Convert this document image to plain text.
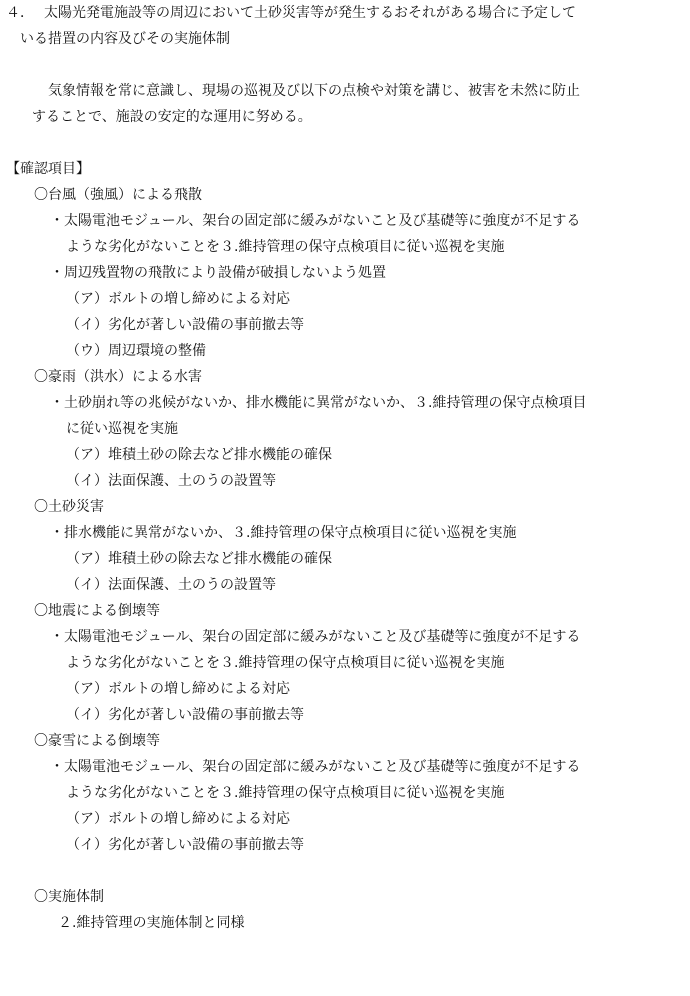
４． 太陽光発電施設等の周辺において土砂災害等が発生するおそれがある場合に予定して
いる措置の内容及びその実施体制
気象情報を常に意識し、現場の巡視及び以下の点検や対策を講じ、被害を未然に防止
することで、施設の安定的な運用に努める。
【確認項目】
〇台風（強風）による飛散
・太陽電池モジュール、架台の固定部に緩みがないこと及び基礎等に強度が不足する
ような劣化がないことを３.維持管理の保守点検項目に従い巡視を実施
・周辺残置物の飛散により設備が破損しないよう処置
（ア）ボルトの増し締めによる対応
（イ）劣化が著しい設備の事前撤去等
（ウ）周辺環境の整備
〇豪雨（洪水）による水害
・土砂崩れ等の兆候がないか、排水機能に異常がないか、３.維持管理の保守点検項目
に従い巡視を実施
（ア）堆積土砂の除去など排水機能の確保
（イ）法面保護、土のうの設置等
〇土砂災害
・排水機能に異常がないか、３.維持管理の保守点検項目に従い巡視を実施
（ア）堆積土砂の除去など排水機能の確保
（イ）法面保護、土のうの設置等
〇地震による倒壊等
・太陽電池モジュール、架台の固定部に緩みがないこと及び基礎等に強度が不足する
ような劣化がないことを３.維持管理の保守点検項目に従い巡視を実施
（ア）ボルトの増し締めによる対応
（イ）劣化が著しい設備の事前撤去等
〇豪雪による倒壊等
・太陽電池モジュール、架台の固定部に緩みがないこと及び基礎等に強度が不足する
ような劣化がないことを３.維持管理の保守点検項目に従い巡視を実施
（ア）ボルトの増し締めによる対応
（イ）劣化が著しい設備の事前撤去等
〇実施体制
２.維持管理の実施体制と同様
